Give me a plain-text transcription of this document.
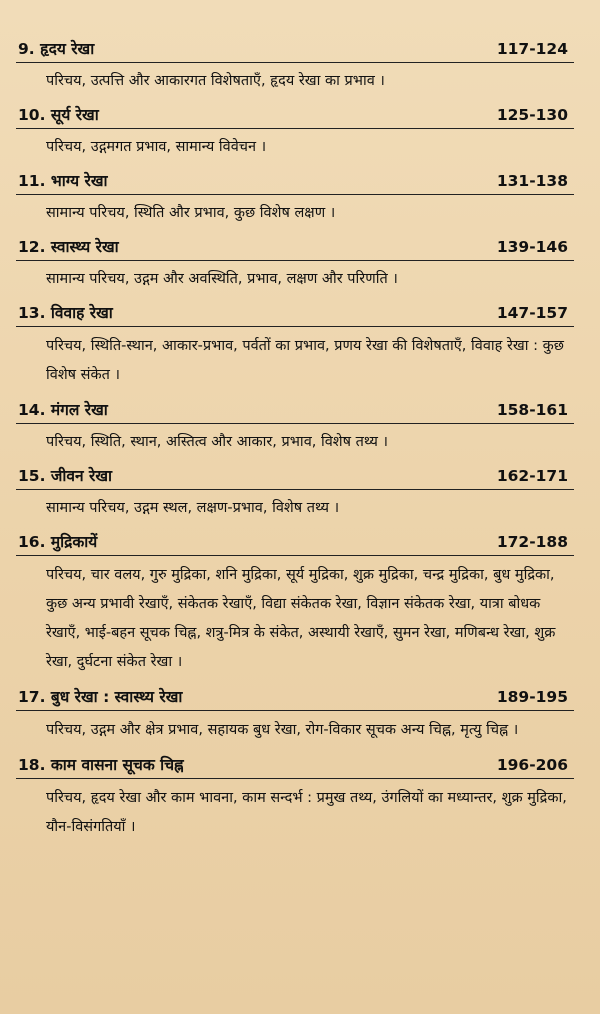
9. हृदय रेखा	117-124
परिचय, उत्पत्ति और आकारगत विशेषताएँ, हृदय रेखा का प्रभाव ।
10. सूर्य रेखा	125-130
परिचय, उद्गमगत प्रभाव, सामान्य विवेचन ।
11. भाग्य रेखा	131-138
सामान्य परिचय, स्थिति और प्रभाव, कुछ विशेष लक्षण ।
12. स्वास्थ्य रेखा	139-146
सामान्य परिचय, उद्गम और अवस्थिति, प्रभाव, लक्षण और परिणति ।
13. विवाह रेखा	147-157
परिचय, स्थिति-स्थान, आकार-प्रभाव, पर्वतों का प्रभाव, प्रणय रेखा की विशेषताएँ, विवाह रेखा : कुछ विशेष संकेत ।
14. मंगल रेखा	158-161
परिचय, स्थिति, स्थान, अस्तित्व और आकार, प्रभाव, विशेष तथ्य ।
15. जीवन रेखा	162-171
सामान्य परिचय, उद्गम स्थल, लक्षण-प्रभाव, विशेष तथ्य ।
16. मुद्रिकायें	172-188
परिचय, चार वलय, गुरु मुद्रिका, शनि मुद्रिका, सूर्य मुद्रिका, शुक्र मुद्रिका, चन्द्र मुद्रिका, बुध मुद्रिका, कुछ अन्य प्रभावी रेखाएँ, संकेतक रेखाएँ, विद्या संकेतक रेखा, विज्ञान संकेतक रेखा, यात्रा बोधक रेखाएँ, भाई-बहन सूचक चिह्न, शत्रु-मित्र के संकेत, अस्थायी रेखाएँ, सुमन रेखा, मणिबन्ध रेखा, शुक्र रेखा, दुर्घटना संकेत रेखा ।
17. बुध रेखा : स्वास्थ्य रेखा	189-195
परिचय, उद्गम और क्षेत्र प्रभाव, सहायक बुध रेखा, रोग-विकार सूचक अन्य चिह्न, मृत्यु चिह्न ।
18. काम वासना सूचक चिह्न	196-206
परिचय, हृदय रेखा और काम भावना, काम सन्दर्भ : प्रमुख तथ्य, उंगलियों का मध्यान्तर, शुक्र मुद्रिका, यौन-विसंगतियाँ ।
